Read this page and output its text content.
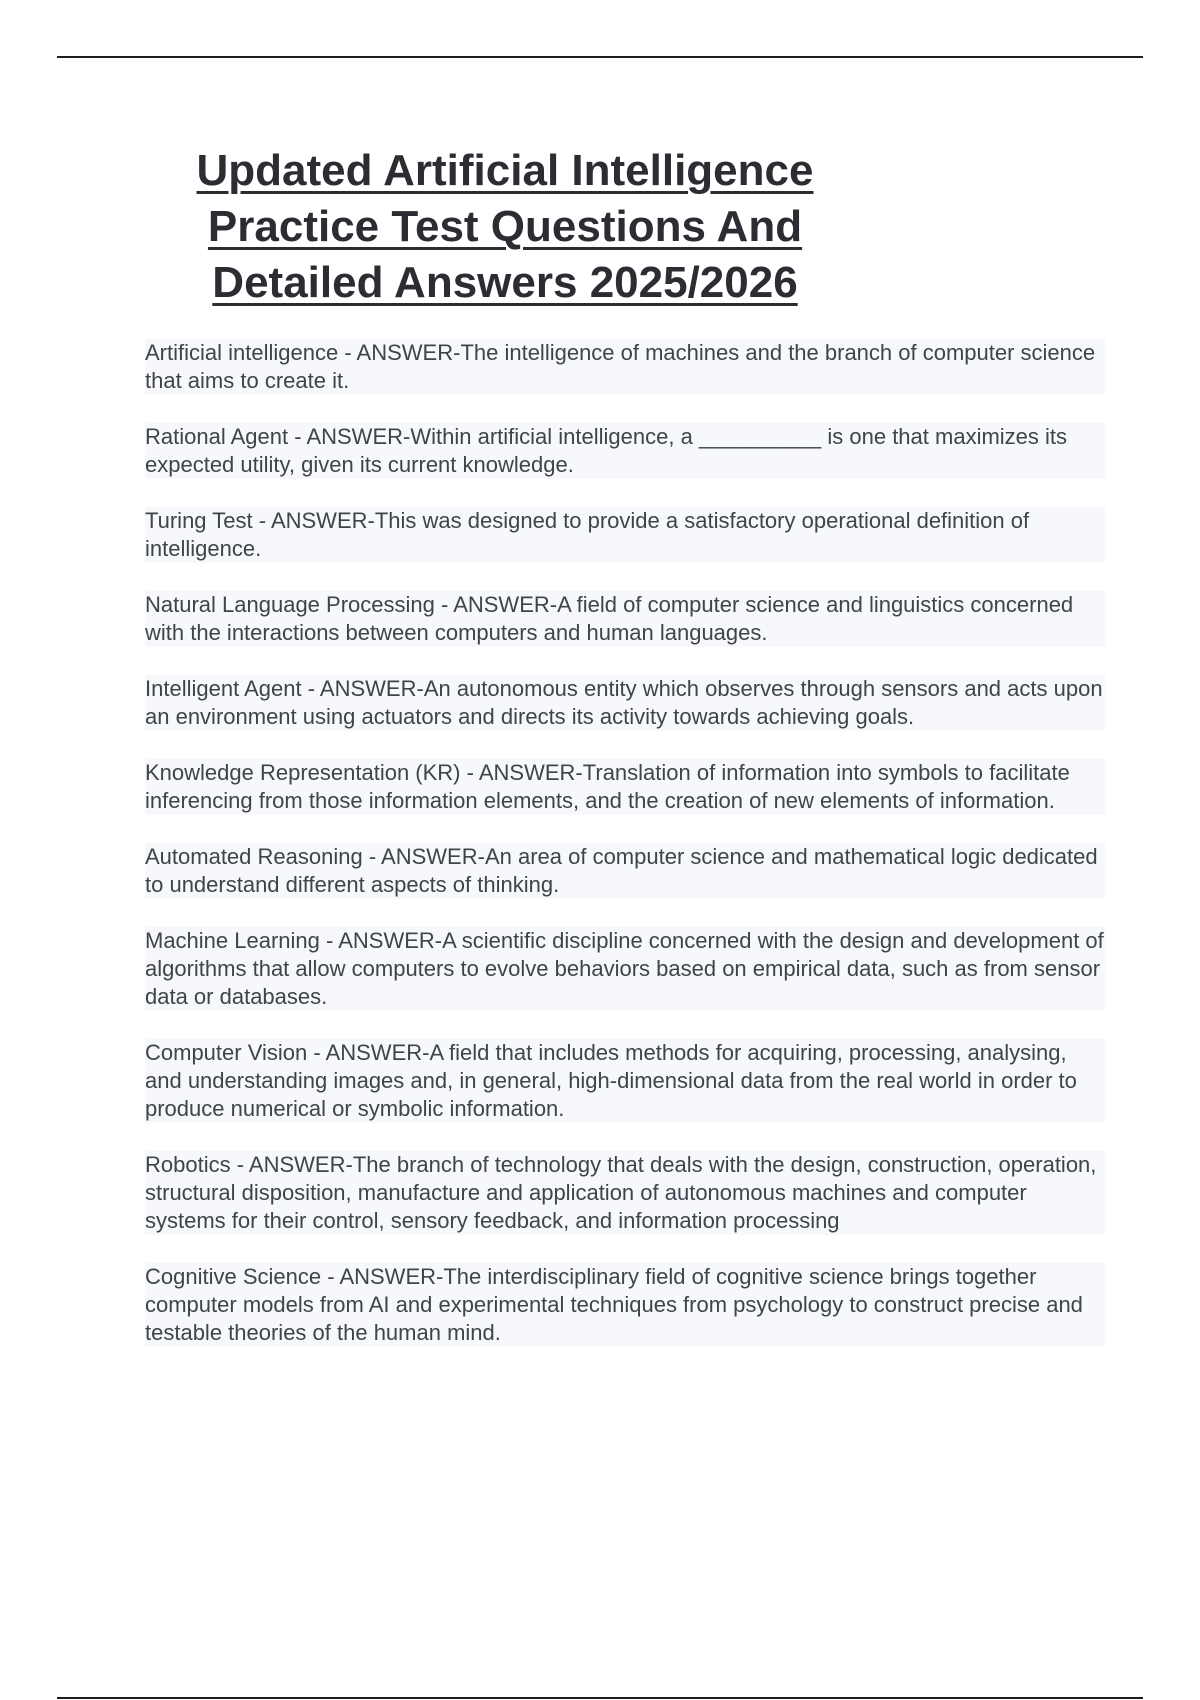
Updated Artificial Intelligence
Practice Test Questions And
Detailed Answers 2025/2026

Artificial intelligence - ANSWER-The intelligence of machines and the branch of computer science that aims to create it.

Rational Agent - ANSWER-Within artificial intelligence, a __________ is one that maximizes its expected utility, given its current knowledge.

Turing Test - ANSWER-This was designed to provide a satisfactory operational definition of intelligence.

Natural Language Processing - ANSWER-A field of computer science and linguistics concerned with the interactions between computers and human languages.

Intelligent Agent - ANSWER-An autonomous entity which observes through sensors and acts upon an environment using actuators and directs its activity towards achieving goals.

Knowledge Representation (KR) - ANSWER-Translation of information into symbols to facilitate inferencing from those information elements, and the creation of new elements of information.

Automated Reasoning - ANSWER-An area of computer science and mathematical logic dedicated to understand different aspects of thinking.

Machine Learning - ANSWER-A scientific discipline concerned with the design and development of algorithms that allow computers to evolve behaviors based on empirical data, such as from sensor data or databases.

Computer Vision - ANSWER-A field that includes methods for acquiring, processing, analysing, and understanding images and, in general, high-dimensional data from the real world in order to produce numerical or symbolic information.

Robotics - ANSWER-The branch of technology that deals with the design, construction, operation, structural disposition, manufacture and application of autonomous machines and computer systems for their control, sensory feedback, and information processing

Cognitive Science - ANSWER-The interdisciplinary field of cognitive science brings together computer models from AI and experimental techniques from psychology to construct precise and testable theories of the human mind.
